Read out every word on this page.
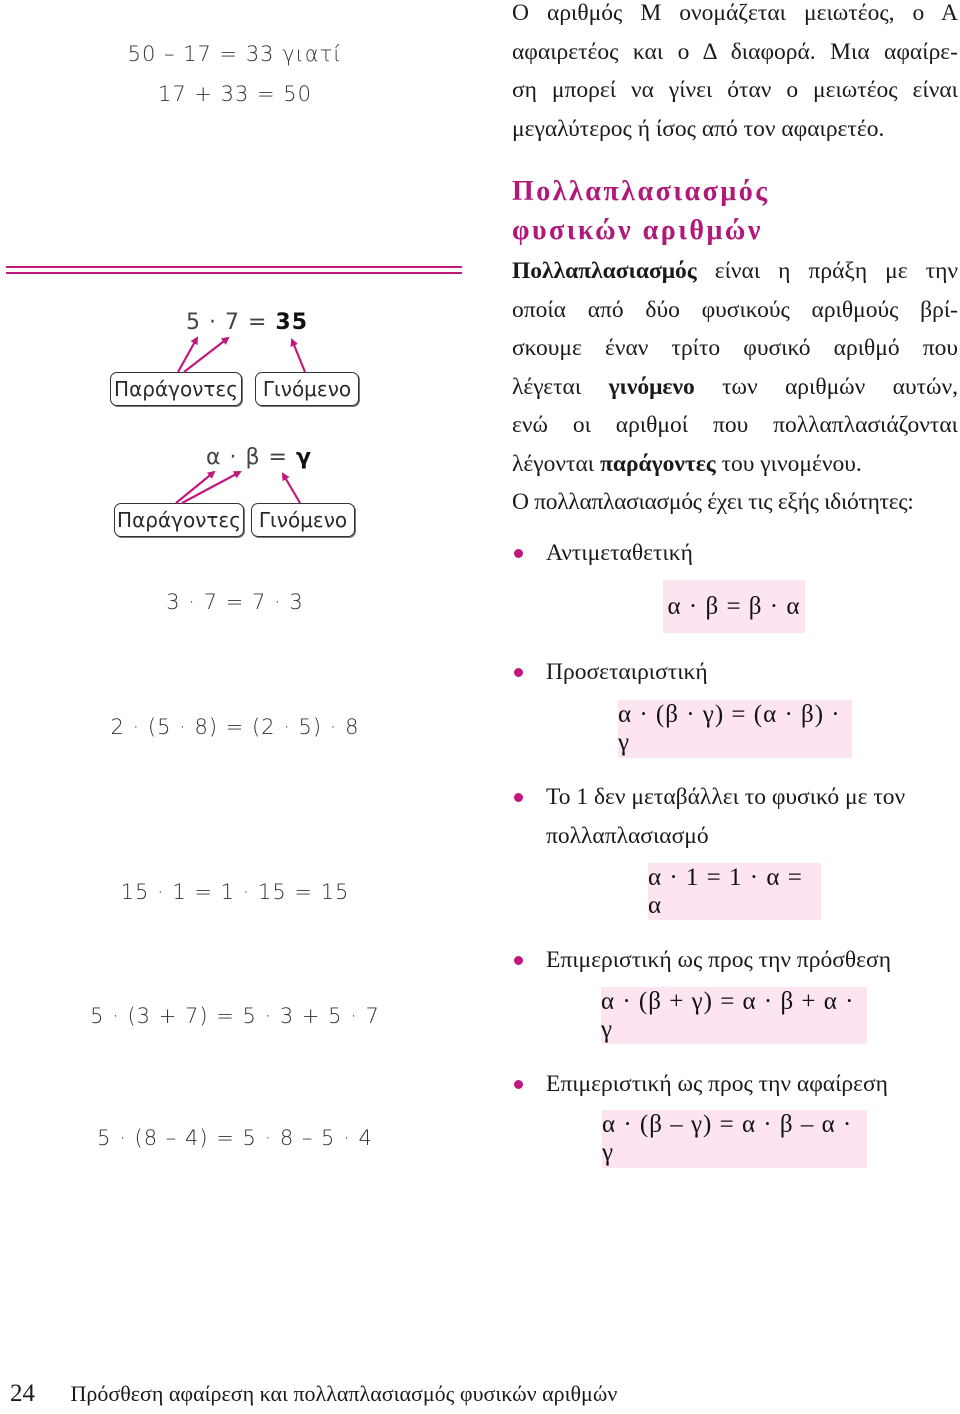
50 – 17 = 33 γιατί
17 + 33 = 50
Ο αριθμός Μ ονομάζεται μειωτέος, ο Α
αφαιρετέος και ο Δ διαφορά. Μια αφαίρε-
ση μπορεί να γίνει όταν ο μειωτέος είναι
μεγαλύτερος ή ίσος από τον αφαιρετέο.
Πολλαπλασιασμός
φυσικών αριθμών
Πολλαπλασιασμός είναι η πράξη με την
οποία από δύο φυσικούς αριθμούς βρί-
σκουμε έναν τρίτο φυσικό αριθμό που
λέγεται γινόμενο των αριθμών αυτών,
ενώ οι αριθμοί που πολλαπλασιάζονται
λέγονται παράγοντες του γινομένου.
Ο πολλαπλασιασμός έχει τις εξής ιδιότητες:
5 · 7 = 35
Παράγοντες	Γινόμενο
α · β = γ
Παράγοντες Γινόμενο
Αντιμεταθετική
3 · 7 = 7 · 3	α · β = β · α
Προσεταιριστική
2 · (5 · 8) = (2 · 5) · 8	α · (β · γ) = (α · β) · γ
Το 1 δεν μεταβάλλει το φυσικό με τον
πολλαπλασιασμό
15 · 1 = 1 · 15 = 15
α · 1 = 1 · α = α
Επιμεριστική ως προς την πρόσθεση
5 · (3 + 7) = 5 · 3 + 5 · 7
α · (β + γ) = α · β + α · γ
Επιμεριστική ως προς την αφαίρεση
5 · (8 – 4) = 5 · 8 – 5 · 4	α · (β – γ) = α · β – α · γ
24 Πρόσθεση αφαίρεση και πολλαπλασιασμός φυσικών αριθμών
